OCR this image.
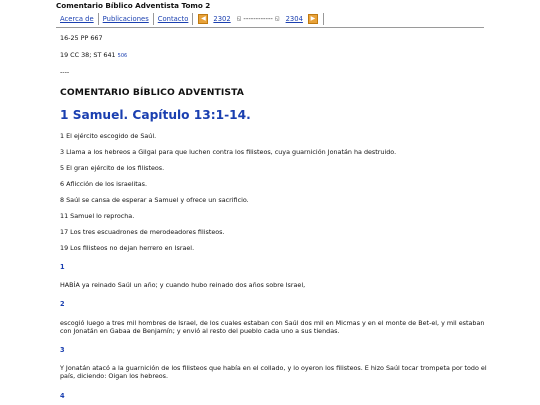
Comentario Bíblico Adventista Tomo 2
Acerca de	Publicaciones	Contacto	◀	2302	◱ ------------ ◱ 2304	▶
16-25 PP 667
19 CC 38; ST 641 506
----
COMENTARIO BÍBLICO ADVENTISTA
1 Samuel. Capítulo 13:1-14.
1 El ejército escogido de Saúl.
3 Llama a los hebreos a Gilgal para que luchen contra los filisteos, cuya guarnición Jonatán ha destruido.
5 El gran ejército de los filisteos.
6 Aflicción de los israelitas.
8 Saúl se cansa de esperar a Samuel y ofrece un sacrificio.
11 Samuel lo reprocha.
17 Los tres escuadrones de merodeadores filisteos.
19 Los filisteos no dejan herrero en Israel.
1
HABÍA ya reinado Saúl un año; y cuando hubo reinado dos años sobre Israel,
2
escogió luego a tres mil hombres de Israel, de los cuales estaban con Saúl dos mil en Micmas y en el monte de Bet-el, y mil estaban con Jonatán en Gabaa de Benjamín; y envió al resto del pueblo cada uno a sus tiendas.
3
Y Jonatán atacó a la guarnición de los filisteos que había en el collado, y lo oyeron los filisteos. E hizo Saúl tocar trompeta por todo el país, diciendo: Oigan los hebreos.
4
